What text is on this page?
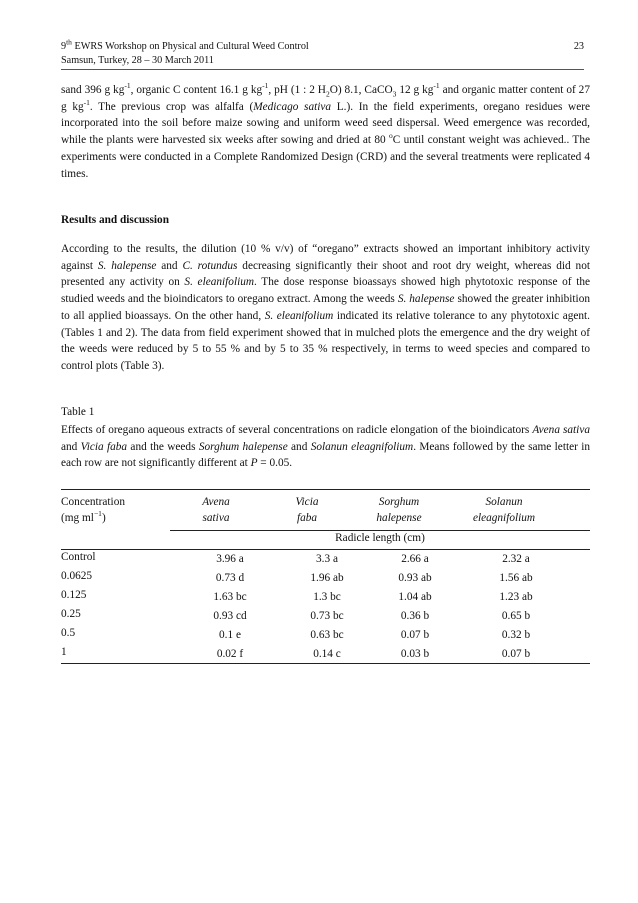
9th EWRS Workshop on Physical and Cultural Weed Control
Samsun, Turkey, 28 – 30 March 2011
23
sand 396 g $kg^{-1}$, organic C content 16.1 g $kg^{-1}$, pH (1 : 2 $H_2O$) 8.1, CaCO$_3$ 12 g $kg^{-1}$ and organic matter content of 27 g $kg^{-1}$. The previous crop was alfalfa (Medicago sativa L.). In the field experiments, oregano residues were incorporated into the soil before maize sowing and uniform weed seed dispersal. Weed emergence was recorded, while the plants were harvested six weeks after sowing and dried at 80 $^o$C until constant weight was achieved.. The experiments were conducted in a Complete Randomized Design (CRD) and the several treatments were replicated 4 times.
Results and discussion
According to the results, the dilution (10 % v/v) of “oregano” extracts showed an important inhibitory activity against S. halepense and C. rotundus decreasing significantly their shoot and root dry weight, whereas did not presented any activity on S. eleanifolium. The dose response bioassays showed high phytotoxic response of the studied weeds and the bioindicators to oregano extract. Among the weeds S. halepense showed the greater inhibition to all applied bioassays. On the other hand, S. eleanifolium indicated its relative tolerance to any phytotoxic agent. (Tables 1 and 2). The data from field experiment showed that in mulched plots the emergence and the dry weight of the weeds were reduced by 5 to 55 % and by 5 to 35 % respectively, in terms to weed species and compared to control plots (Table 3).
Table 1
Effects of oregano aqueous extracts of several concentrations on radicle elongation of the bioindicators Avena sativa and Vicia faba and the weeds Sorghum halepense and Solanun eleagnifolium. Means followed by the same letter in each row are not significantly different at P = 0.05.
Concentration
(mg $ml^{-1}$)
Avena
sativa
Vicia
faba
Sorghum
halepense
Solanun
eleagnifolium
Radicle length (cm)
Control	3.96 a	3.3 a	2.66 a	2.32 a
0.0625	0.73 d	1.96 ab	0.93 ab	1.56 ab
0.125	1.63 bc	1.3 bc	1.04 ab	1.23 ab
0.25	0.93 cd	0.73 bc	0.36 b	0.65 b
0.5	0.1 e	0.63 bc	0.07 b	0.32 b
1	0.02 f	0.14 c	0.03 b	0.07 b
